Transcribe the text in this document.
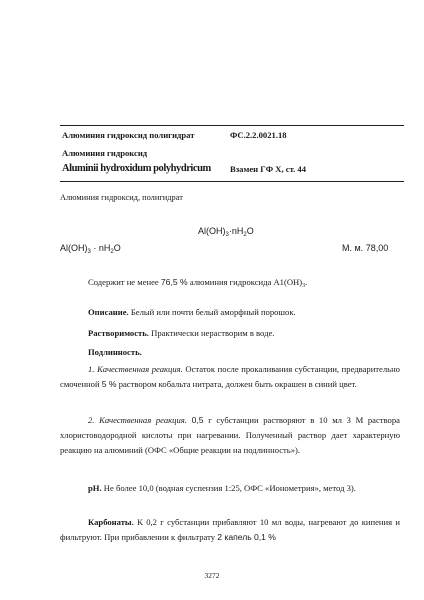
Алюминия гидроксид полигидрат	ФС.2.2.0021.18
Алюминия гидроксид
Aluminii hydroxidum polyhydricum Взамен ГФ Х, ст. 44
Алюминия гидроксид, полигидрат
$Al(OH)_3\cdot nH_2O$
$Al(OH)_3 \cdot nH_2O$	М. м. 78,00
Содержит не менее 76,5 % алюминия гидроксида $А1(ОН)_3$.
Описание. Белый или почти белый аморфный порошок.
Растворимость. Практически нерастворим в воде.
Подлинность.
1. Качественная реакция. Остаток после прокаливания субстанции, предварительно смоченной 5 % раствором кобальта нитрата, должен быть окрашен в синий цвет.
2. Качественная реакция. 0,5 г субстанции растворяют в 10 мл 3 М раствора хлористоводородной кислоты при нагревании. Полученный раствор дает характерную реакцию на алюминий (ОФС «Общие реакции на подлинность»).
рН. Не более 10,0 (водная суспензия 1:25, ОФС «Ионометрия», метод 3).
Карбонаты. К 0,2 г субстанции прибавляют 10 мл воды, нагревают до кипения и фильтруют. При прибавлении к фильтрату 2 капель 0,1 %
3272
